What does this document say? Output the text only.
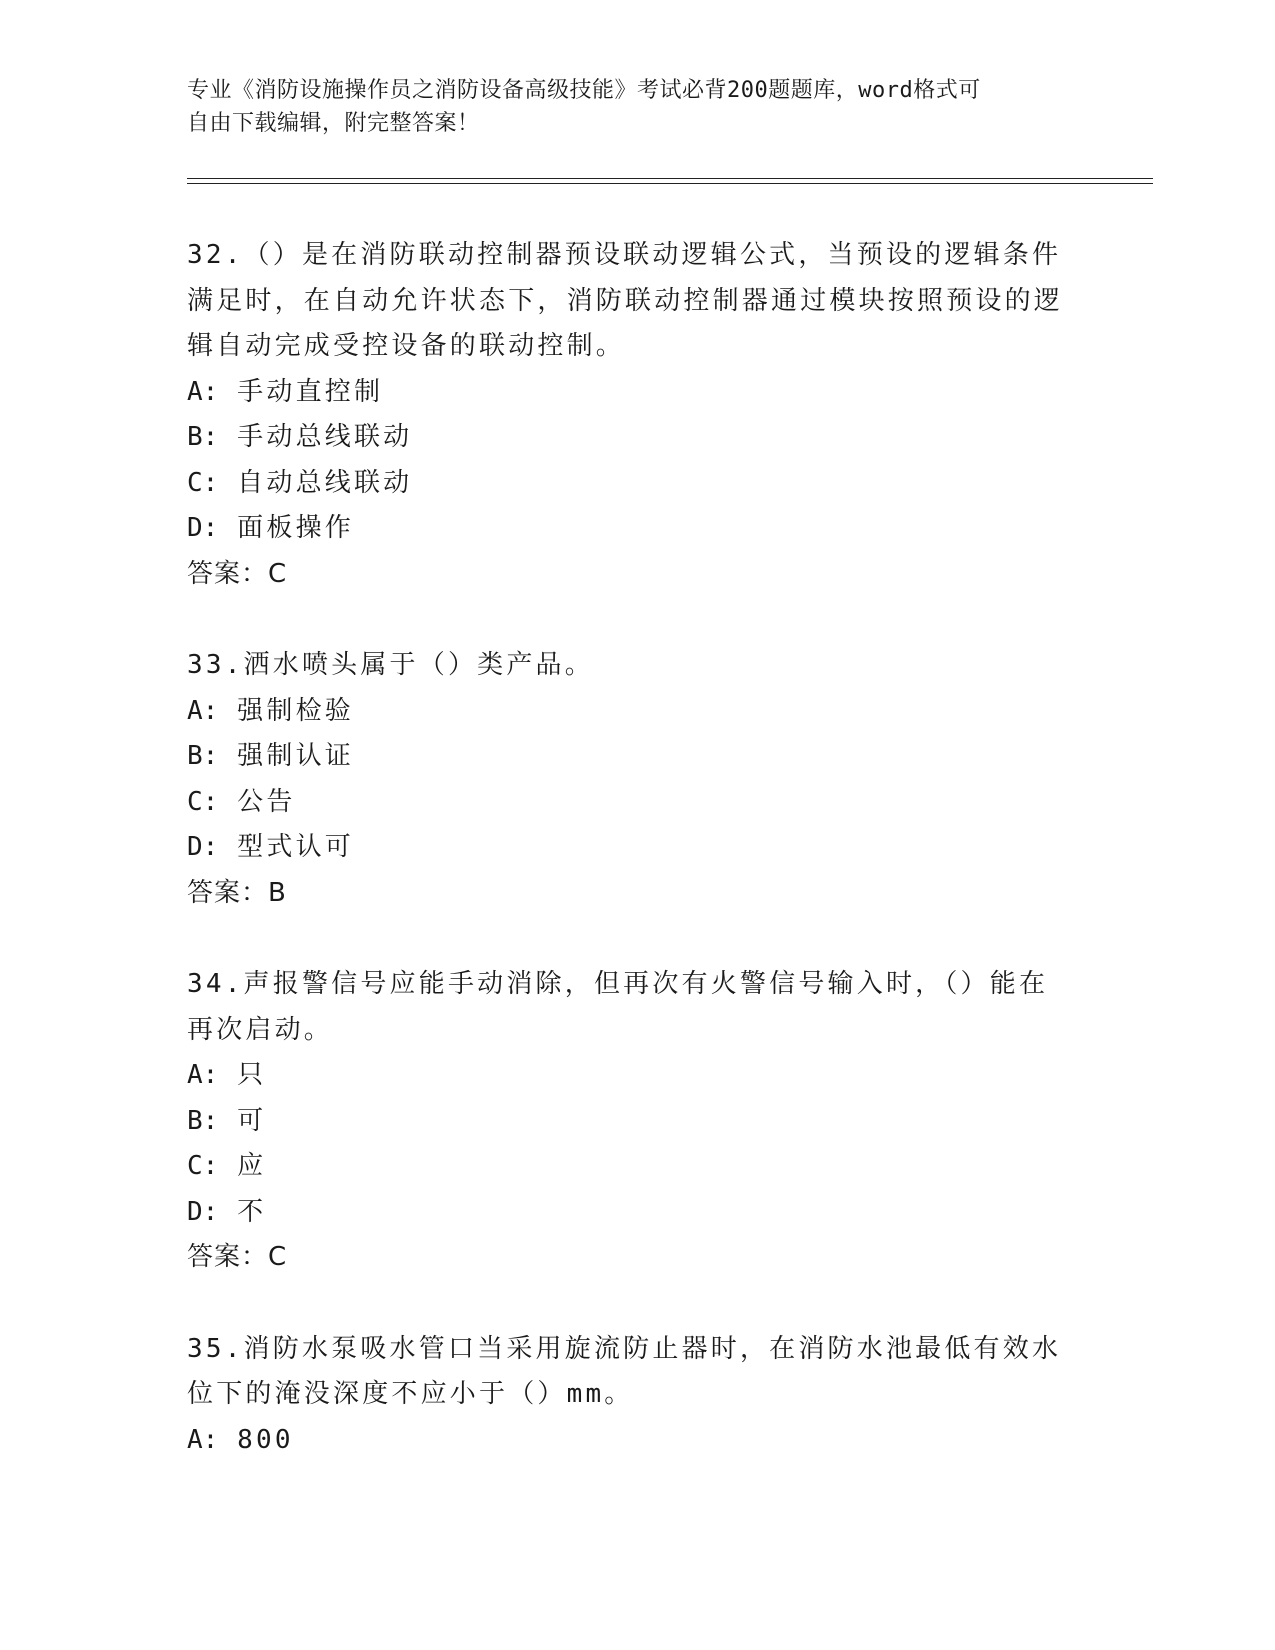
专业《消防设施操作员之消防设备高级技能》考试必背200题题库，word格式可
自由下载编辑，附完整答案！

32.（）是在消防联动控制器预设联动逻辑公式，当预设的逻辑条件满足时，在自动允许状态下，消防联动控制器通过模块按照预设的逻辑自动完成受控设备的联动控制。

A: 手动直控制

B: 手动总线联动

C: 自动总线联动

D: 面板操作

答案：C

33.洒水喷头属于（）类产品。

A: 强制检验

B: 强制认证

C: 公告

D: 型式认可

答案：B

34.声报警信号应能手动消除，但再次有火警信号输入时，（）能在再次启动。

A: 只

B: 可

C: 应

D: 不

答案：C

35.消防水泵吸水管口当采用旋流防止器时，在消防水池最低有效水位下的淹没深度不应小于（）mm。

A: 800
